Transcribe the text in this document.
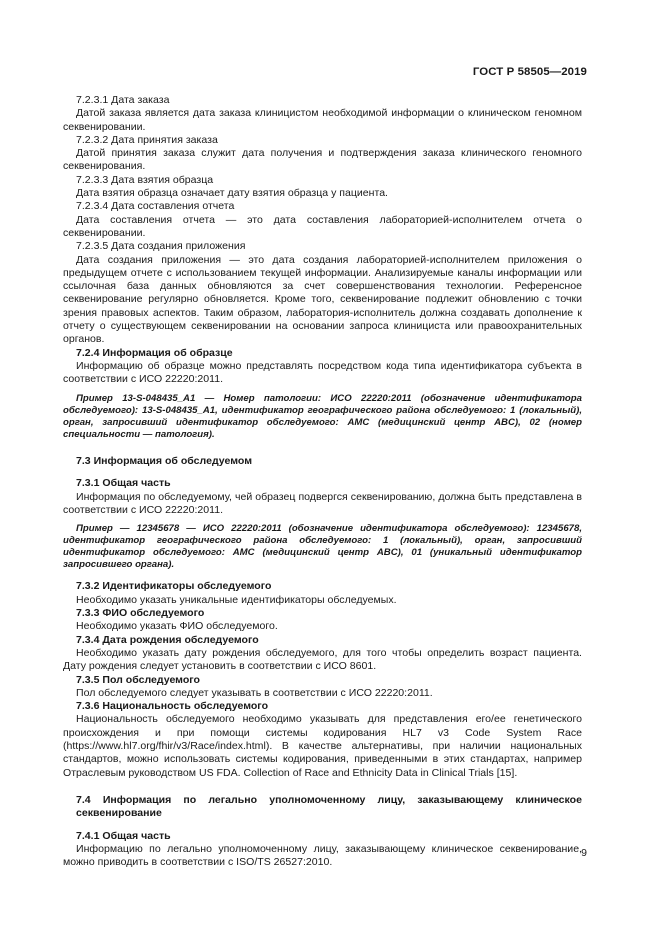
ГОСТ Р 58505—2019

7.2.3.1 Дата заказа

Датой заказа является дата заказа клиницистом необходимой информации о клиническом геномном секвенировании.

7.2.3.2 Дата принятия заказа

Датой принятия заказа служит дата получения и подтверждения заказа клинического геномного секвенирования.

7.2.3.3 Дата взятия образца

Дата взятия образца означает дату взятия образца у пациента.

7.2.3.4 Дата составления отчета

Дата составления отчета — это дата составления лабораторией-исполнителем отчета о секвенировании.

7.2.3.5 Дата создания приложения

Дата создания приложения — это дата создания лабораторией-исполнителем приложения о предыдущем отчете с использованием текущей информации. Анализируемые каналы информации или ссылочная база данных обновляются за счет совершенствования технологии. Референсное секвенирование регулярно обновляется. Кроме того, секвенирование подлежит обновлению с точки зрения правовых аспектов. Таким образом, лаборатория-исполнитель должна создавать дополнение к отчету о существующем секвенировании на основании запроса клинициста или правоохранительных органов.

7.2.4 Информация об образце

Информацию об образце можно представлять посредством кода типа идентификатора субъекта в соответствии с ИСО 22220:2011.

Пример 13-S-048435_A1 — Номер патологии: ИСО 22220:2011 (обозначение идентификатора обследуемого): 13-S-048435_A1, идентификатор географического района обследуемого: 1 (локальный), орган, запросивший идентификатор обследуемого: AMC (медицинский центр ABC), 02 (номер специальности — патология).

7.3 Информация об обследуемом

7.3.1 Общая часть

Информация по обследуемому, чей образец подвергся секвенированию, должна быть представлена в соответствии с ИСО 22220:2011.

Пример — 12345678 — ИСО 22220:2011 (обозначение идентификатора обследуемого): 12345678, идентификатор географического района обследуемого: 1 (локальный), орган, запросивший идентификатор обследуемого: AMC (медицинский центр ABC), 01 (уникальный идентификатор запросившего органа).

7.3.2 Идентификаторы обследуемого

Необходимо указать уникальные идентификаторы обследуемых.

7.3.3 ФИО обследуемого

Необходимо указать ФИО обследуемого.

7.3.4 Дата рождения обследуемого

Необходимо указать дату рождения обследуемого, для того чтобы определить возраст пациента. Дату рождения следует установить в соответствии с ИСО 8601.

7.3.5 Пол обследуемого

Пол обследуемого следует указывать в соответствии с ИСО 22220:2011.

7.3.6 Национальность обследуемого

Национальность обследуемого необходимо указывать для представления его/ее генетического происхождения и при помощи системы кодирования HL7 v3 Code System Race (https://www.hl7.org/fhir/v3/Race/index.html). В качестве альтернативы, при наличии национальных стандартов, можно использовать системы кодирования, приведенными в этих стандартах, например Отраслевым руководством US FDA. Collection of Race and Ethnicity Data in Clinical Trials [15].

7.4 Информация по легально уполномоченному лицу, заказывающему клиническое секвенирование

7.4.1 Общая часть

Информацию по легально уполномоченному лицу, заказывающему клиническое секвенирование, можно приводить в соответствии с ISO/TS 26527:2010.

9
